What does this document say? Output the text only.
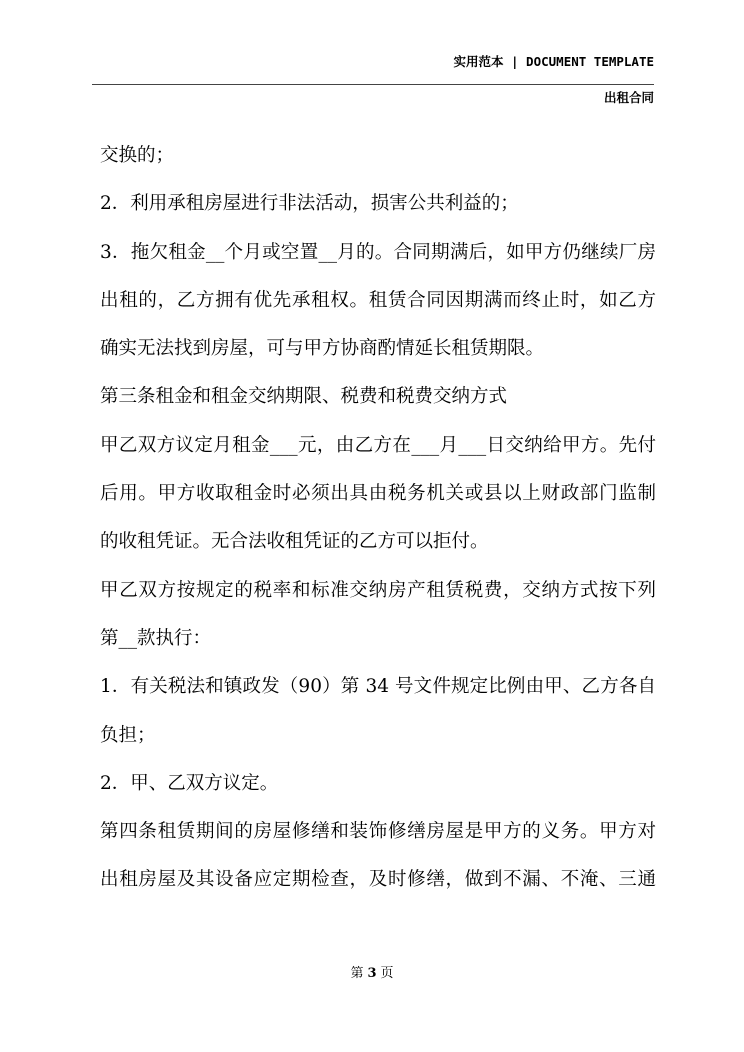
实用范本 | DOCUMENT TEMPLATE
出租合同

交换的；

2．利用承租房屋进行非法活动，损害公共利益的；

3．拖欠租金__个月或空置__月的。合同期满后，如甲方仍继续厂房

出租的，乙方拥有优先承租权。租赁合同因期满而终止时，如乙方

确实无法找到房屋，可与甲方协商酌情延长租赁期限。

第三条租金和租金交纳期限、税费和税费交纳方式

甲乙双方议定月租金___元，由乙方在___月___日交纳给甲方。先付

后用。甲方收取租金时必须出具由税务机关或县以上财政部门监制

的收租凭证。无合法收租凭证的乙方可以拒付。

甲乙双方按规定的税率和标准交纳房产租赁税费，交纳方式按下列

第__款执行：

1．有关税法和镇政发（90）第 34 号文件规定比例由甲、乙方各自

负担；

2．甲、乙双方议定。

第四条租赁期间的房屋修缮和装饰修缮房屋是甲方的义务。甲方对

出租房屋及其设备应定期检查，及时修缮，做到不漏、不淹、三通

第 3 页
